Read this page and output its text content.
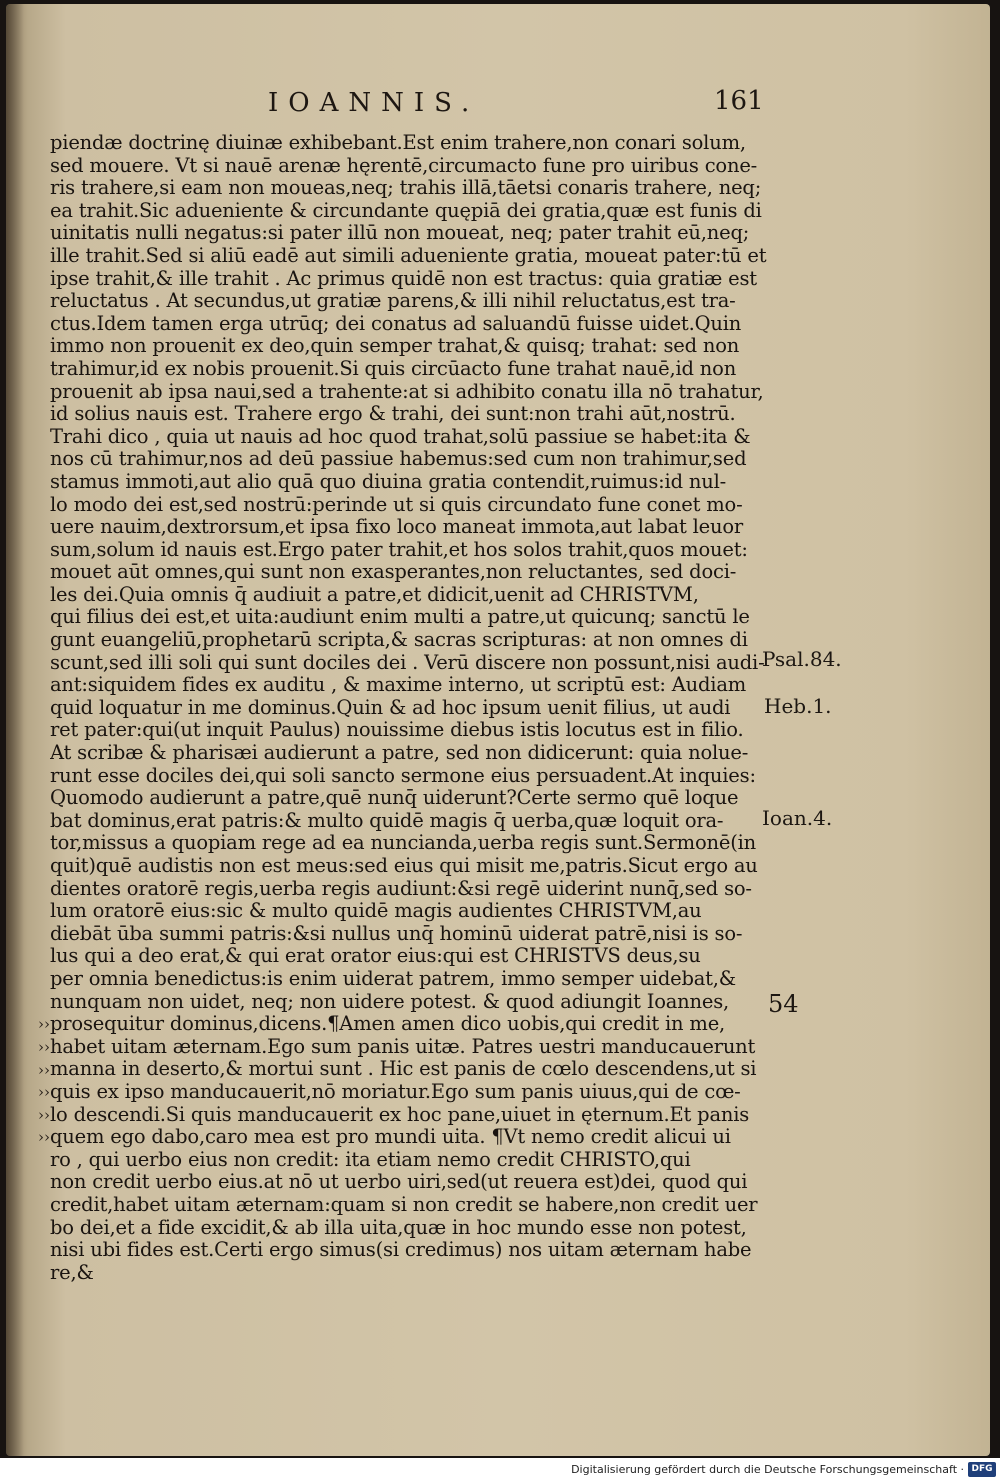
IOANNIS.	161
piendæ doctrinę diuinæ exhibebant.Est enim trahere,non conari solum,
sed mouere. Vt si nauē arenæ hęrentē,circumacto fune pro uiribus cone-
ris trahere,si eam non moueas,neq; trahis illā,tāetsi conaris trahere, neq;
ea trahit.Sic adueniente & circundante quępiā dei gratia,quæ est funis di
uinitatis nulli negatus:si pater illū non moueat, neq; pater trahit eū,neq;
ille trahit.Sed si aliū eadē aut simili adueniente gratia, moueat pater:tū et
ipse trahit,& ille trahit . Ac primus quidē non est tractus: quia gratiæ est
reluctatus . At secundus,ut gratiæ parens,& illi nihil reluctatus,est tra-
ctus.Idem tamen erga utrūq; dei conatus ad saluandū fuisse uidet.Quin
immo non prouenit ex deo,quin semper trahat,& quisq; trahat: sed non
trahimur,id ex nobis prouenit.Si quis circūacto fune trahat nauē,id non
prouenit ab ipsa naui,sed a trahente:at si adhibito conatu illa nō trahatur,
id solius nauis est. Trahere ergo & trahi, dei sunt:non trahi aūt,nostrū.
Trahi dico , quia ut nauis ad hoc quod trahat,solū passiue se habet:ita &
nos cū trahimur,nos ad deū passiue habemus:sed cum non trahimur,sed
stamus immoti,aut alio quā quo diuina gratia contendit,ruimus:id nul-
lo modo dei est,sed nostrū:perinde ut si quis circundato fune conet mo-
uere nauim,dextrorsum,et ipsa fixo loco maneat immota,aut labat leuor
sum,solum id nauis est.Ergo pater trahit,et hos solos trahit,quos mouet:
mouet aūt omnes,qui sunt non exasperantes,non reluctantes, sed doci-
les dei.Quia omnis q̄ audiuit a patre,et didicit,uenit ad CHRISTVM,
qui filius dei est,et uita:audiunt enim multi a patre,ut quicunq; sanctū le
gunt euangeliū,prophetarū scripta,& sacras scripturas: at non omnes di
scunt,sed illi soli qui sunt dociles dei . Verū discere non possunt,nisi audi-
ant:siquidem fides ex auditu , & maxime interno, ut scriptū est: Audiam
quid loquatur in me dominus.Quin & ad hoc ipsum uenit filius, ut audi
ret pater:qui(ut inquit Paulus) nouissime diebus istis locutus est in filio.
At scribæ & pharisæi audierunt a patre, sed non didicerunt: quia nolue-
runt esse dociles dei,qui soli sancto sermone eius persuadent.At inquies:
Quomodo audierunt a patre,quē nunq̄ uiderunt?Certe sermo quē loque
bat dominus,erat patris:& multo quidē magis q̄ uerba,quæ loquit ora-
tor,missus a quopiam rege ad ea nuncianda,uerba regis sunt.Sermonē(in
quit)quē audistis non est meus:sed eius qui misit me,patris.Sicut ergo au
dientes oratorē regis,uerba regis audiunt:&si regē uiderint nunq̄,sed so-
lum oratorē eius:sic & multo quidē magis audientes CHRISTVM,au
diebāt ūba summi patris:&si nullus unq̄ hominū uiderat patrē,nisi is so-
lus qui a deo erat,& qui erat orator eius:qui est CHRISTVS deus,su
per omnia benedictus:is enim uiderat patrem, immo semper uidebat,&
nunquam non uidet, neq; non uidere potest. & quod adiungit Ioannes,
prosequitur dominus,dicens.¶Amen amen dico uobis,qui credit in me,
habet uitam æternam.Ego sum panis uitæ. Patres uestri manducauerunt
manna in deserto,& mortui sunt . Hic est panis de cœlo descendens,ut si
quis ex ipso manducauerit,nō moriatur.Ego sum panis uiuus,qui de cœ-
lo descendi.Si quis manducauerit ex hoc pane,uiuet in ęternum.Et panis
quem ego dabo,caro mea est pro mundi uita. ¶Vt nemo credit alicui ui
ro , qui uerbo eius non credit: ita etiam nemo credit CHRISTO,qui
non credit uerbo eius.at nō ut uerbo uiri,sed(ut reuera est)dei, quod qui
credit,habet uitam æternam:quam si non credit se habere,non credit uer
bo dei,et a fide excidit,& ab illa uita,quæ in hoc mundo esse non potest,
nisi ubi fides est.Certi ergo simus(si credimus) nos uitam æternam habe
re,&
››
››
››
››
››
››
Psal.84.
Heb.1.
Ioan.4.
54
Digitalisierung gefördert durch die Deutsche Forschungsgemeinschaft · DFG
